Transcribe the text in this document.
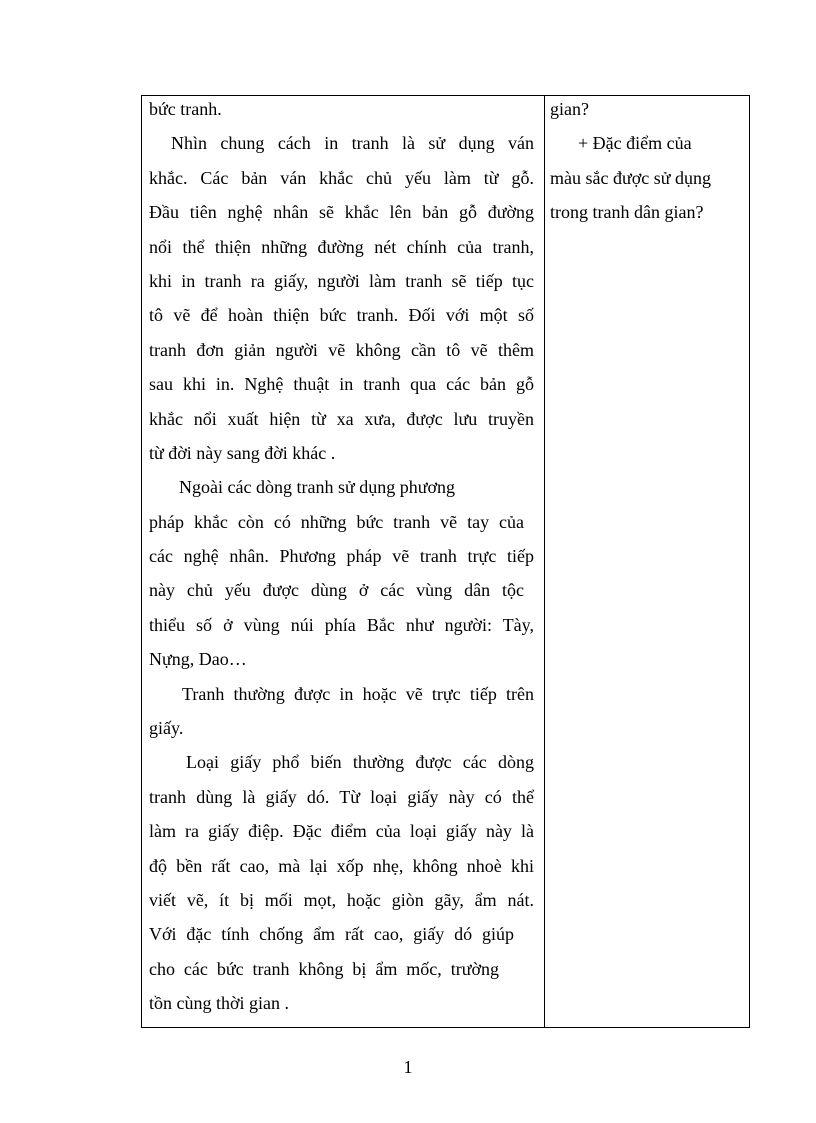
bức tranh.
Nhìn chung cách in tranh là sử dụng ván
khắc. Các bản ván khắc chủ yếu làm từ gỗ.
Đầu tiên nghệ nhân sẽ khắc lên bản gỗ đường
nổi thể thiện những đường nét chính của tranh,
khi in tranh ra giấy, người làm tranh sẽ tiếp tục
tô vẽ để hoàn thiện bức tranh. Đối với một số
tranh đơn giản người vẽ không cần tô vẽ thêm
sau khi in. Nghệ thuật in tranh qua các bản gỗ
khắc nổi xuất hiện từ xa xưa, được lưu truyền
từ đời này sang đời khác .
Ngoài các dòng tranh sử dụng phương
pháp khắc còn có những bức tranh vẽ tay của
các nghệ nhân. Phương pháp vẽ tranh trực tiếp
này chủ yếu được dùng ở các vùng dân tộc
thiểu số ở vùng núi phía Bắc như người: Tày,
Nựng, Dao…
Tranh thường được in hoặc vẽ trực tiếp trên
giấy.
Loại giấy phổ biến thường được các dòng
tranh dùng là giấy dó. Từ loại giấy này có thể
làm ra giấy điệp. Đặc điểm của loại giấy này là
độ bền rất cao, mà lại xốp nhẹ, không nhoè khi
viết vẽ, ít bị mối mọt, hoặc giòn gãy, ẩm nát.
Với đặc tính chống ẩm rất cao, giấy dó giúp
cho các bức tranh không bị ẩm mốc, trường
tồn cùng thời gian .

gian?
+ Đặc điểm của
màu sắc được sử dụng
trong tranh dân gian?
1
